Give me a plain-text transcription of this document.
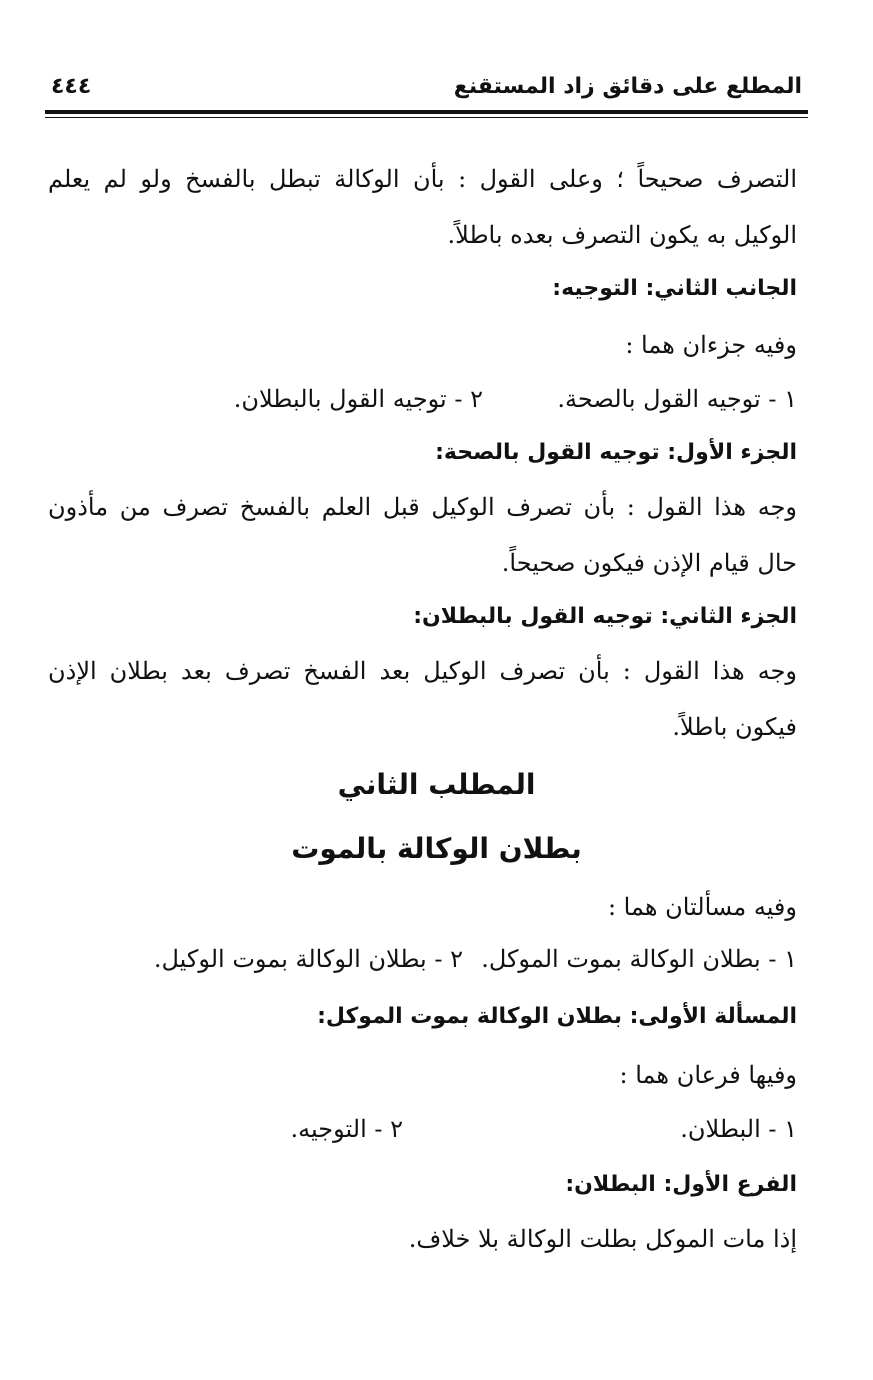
المطلع على دقائق زاد المستقنع
٤٤٤
التصرف صحيحاً ؛ وعلى القول : بأن الوكالة تبطل بالفسخ ولو لم يعلم
الوكيل به يكون التصرف بعده باطلاً.
الجانب الثاني: التوجيه:
وفيه جزءان هما :
١ - توجيه القول بالصحة.
٢ - توجيه القول بالبطلان.
الجزء الأول: توجيه القول بالصحة:
وجه هذا القول : بأن تصرف الوكيل قبل العلم بالفسخ تصرف من مأذون
حال قيام الإذن فيكون صحيحاً.
الجزء الثاني: توجيه القول بالبطلان:
وجه هذا القول : بأن تصرف الوكيل بعد الفسخ تصرف بعد بطلان الإذن
فيكون باطلاً.
المطلب الثاني
بطلان الوكالة بالموت
وفيه مسألتان هما :
١ - بطلان الوكالة بموت الموكل.
٢ - بطلان الوكالة بموت الوكيل.
المسألة الأولى: بطلان الوكالة بموت الموكل:
وفيها فرعان هما :
١ - البطلان.
٢ - التوجيه.
الفرع الأول: البطلان:
إذا مات الموكل بطلت الوكالة بلا خلاف.
